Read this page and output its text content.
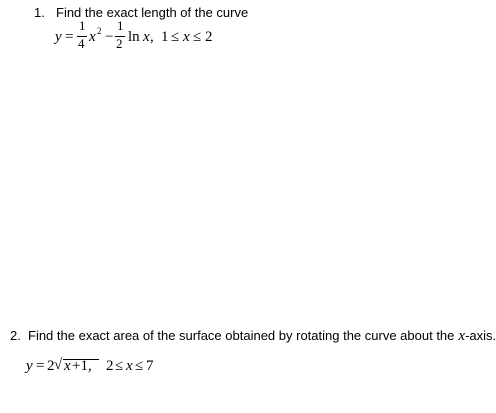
1. Find the exact length of the curve
y =
1
4 x 2 −
1
2 ln x , 1 ≤ x ≤ 2
2. Find the exact area of the surface obtained by rotating the curve about the x-axis.
y = 2 √ x +1, 2 ≤ x ≤ 7
